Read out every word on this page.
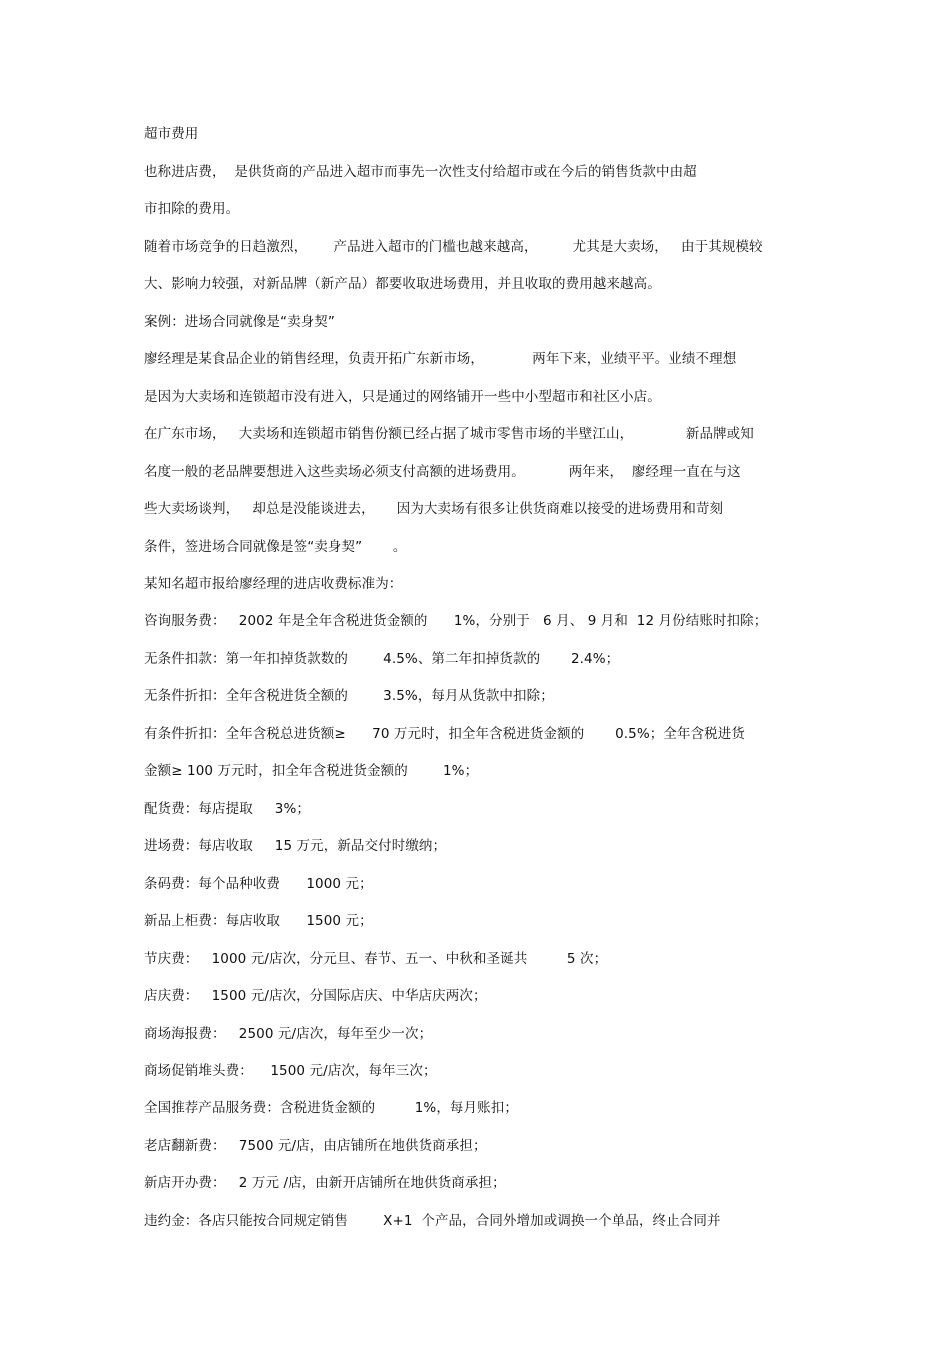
超市费用
也称进店费，  是供货商的产品进入超市而事先一次性支付给超市或在今后的销售货款中由超
市扣除的费用。
随着市场竞争的日趋激烈，      产品进入超市的门槛也越来越高，        尤其是大卖场，   由于其规模较
大、影响力较强，对新品牌（新产品）都要收取进场费用，并且收取的费用越来越高。
案例：进场合同就像是“卖身契”
廖经理是某食品企业的销售经理，负责开拓广东新市场，           两年下来，业绩平平。业绩不理想
是因为大卖场和连锁超市没有进入，只是通过的网络铺开一些中小型超市和社区小店。
在广东市场，   大卖场和连锁超市销售份额已经占据了城市零售市场的半壁江山，            新品牌或知
名度一般的老品牌要想进入这些卖场必须支付高额的进场费用。          两年来，  廖经理一直在与这
些大卖场谈判，   却总是没能谈进去，     因为大卖场有很多让供货商难以接受的进场费用和苛刻
条件，签进场合同就像是签“卖身契”       。
某知名超市报给廖经理的进店收费标准为：
咨询服务费：   2002 年是全年含税进货金额的      1%，分别于   6 月、 9 月和  12 月份结账时扣除；
无条件扣款：第一年扣掉货款数的        4.5%、第二年扣掉货款的       2.4%；
无条件折扣：全年含税进货全额的        3.5%，每月从货款中扣除；
有条件折扣：全年含税总进货额≥      70 万元时，扣全年含税进货金额的       0.5%；全年含税进货
金额≥ 100 万元时，扣全年含税进货金额的        1%；
配货费：每店提取     3%；
进场费：每店收取     15 万元，新品交付时缴纳；
条码费：每个品种收费      1000 元；
新品上柜费：每店收取      1500 元；
节庆费：   1000 元/店次，分元旦、春节、五一、中秋和圣诞共         5 次；
店庆费：   1500 元/店次，分国际店庆、中华店庆两次；
商场海报费：   2500 元/店次，每年至少一次；
商场促销堆头费：    1500 元/店次，每年三次；
全国推荐产品服务费：含税进货金额的         1%，每月账扣；
老店翻新费：   7500 元/店，由店铺所在地供货商承担；
新店开办费：   2 万元 /店，由新开店铺所在地供货商承担；
违约金：各店只能按合同规定销售        X+1  个产品，合同外增加或调换一个单品，终止合同并
